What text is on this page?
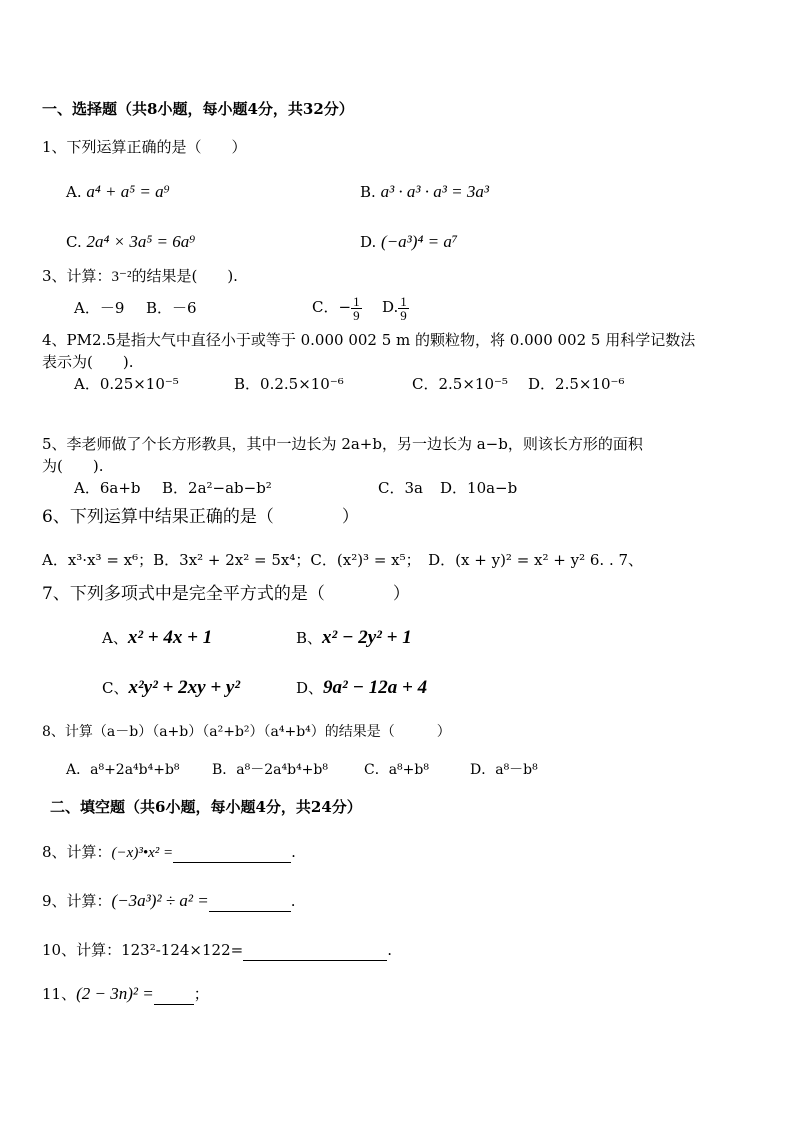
一、选择题（共8小题，每小题4分，共32分）
1、下列运算正确的是（　　）
A. a⁴ + a⁵ = a⁹	B. a³ · a³ · a³ = 3a³
C. 2a⁴ × 3a⁵ = 6a⁹	D. (−a³)⁴ = a⁷
3、计算：3⁻²的结果是(　　).
A．－9 B．－6	C．− $\frac{1}{9} D$. $\frac{1}{9}$
4、PM2.5是指大气中直径小于或等于 0.000 002 5 m 的颗粒物，将 0.000 002 5 用科学记数法
表示为(　　).
A．0.25×10⁻⁵	B．0.2.5×10⁻⁶	C．2.5×10⁻⁵ D．2.5×10⁻⁶
5、李老师做了个长方形教具，其中一边长为 2a+b，另一边长为 a−b，则该长方形的面积
为(　　).
A．6a+b B．2a²−ab−b²	C．3a D．10a−b
6、下列运算中结果正确的是（　　　　）
A．x³·x³ = x⁶；B．3x² + 2x² = 5x⁴；C．(x²)³ = x⁵；　D．(x + y)² = x² + y² 6. . 7、
7、下列多项式中是完全平方式的是（　　　　）
A、x² + 4x + 1	B、x² − 2y² + 1
C、x²y² + 2xy + y²	D、9a² − 12a + 4
8、计算（a－b）（a+b）（a²+b²）（a⁴+b⁴）的结果是（　　　）
A．a⁸+2a⁴b⁴+b⁸ B．a⁸－2a⁴b⁴+b⁸	C．a⁸+b⁸	D．a⁸－b⁸
二、填空题（共6小题，每小题4分，共24分）
8、计算：(−x)³•x² =	.
9、计算：(−3a³)² ÷ a² =	.
10、计算：123²-124×122=	.
11、(2 − 3n)² =	；
